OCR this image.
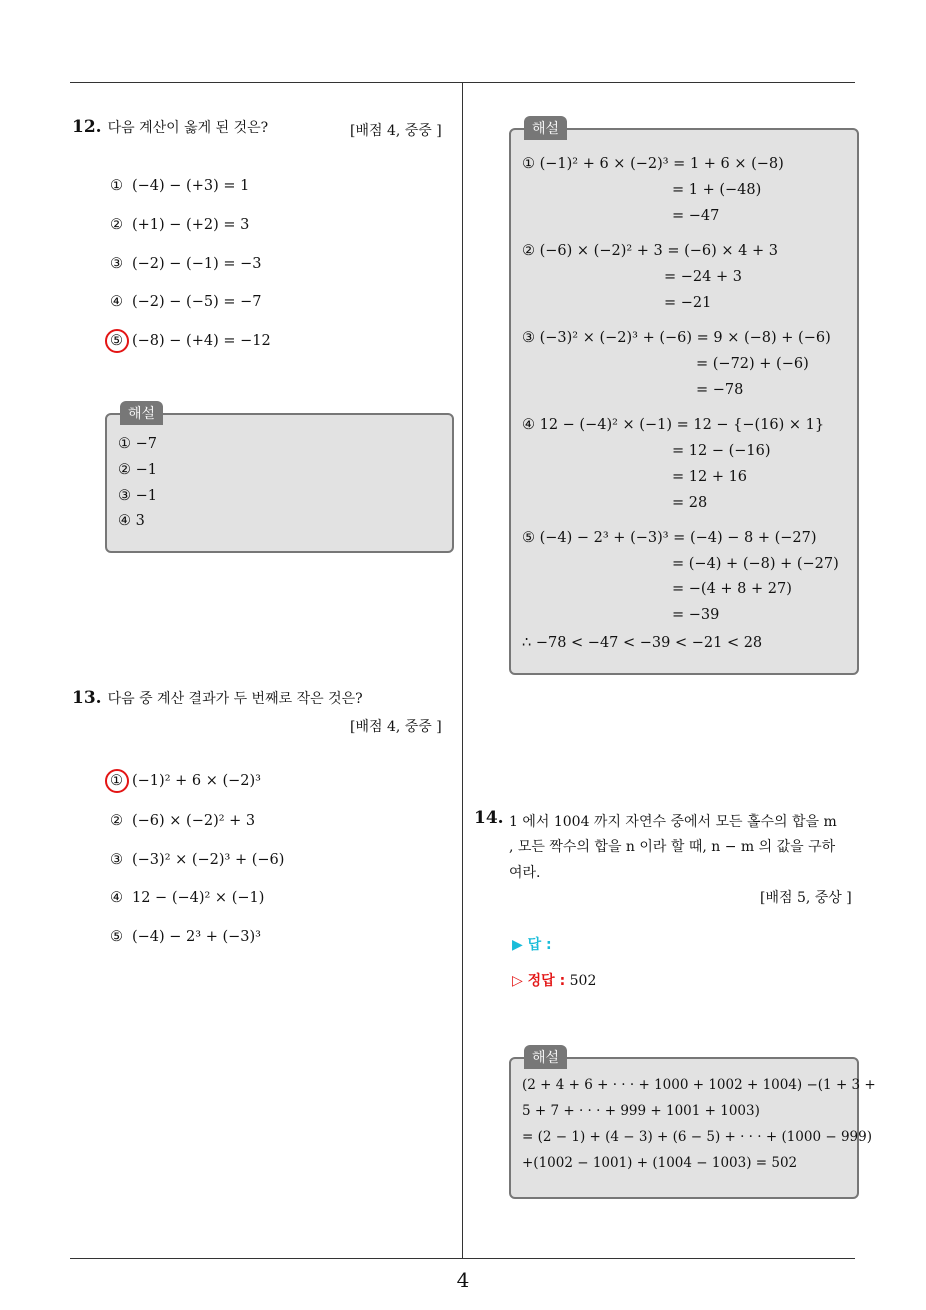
4
12. 다음 계산이 옳게 된 것은?	[배점 4, 중중 ]
① (−4) − (+3) = 1
② (+1) − (+2) = 3
③ (−2) − (−1) = −3
④ (−2) − (−5) = −7
⑤ (−8) − (+4) = −12
해설
① −7
② −1
③ −1
④ 3
13. 다음 중 계산 결과가 두 번째로 작은 것은?
[배점 4, 중중 ]
① (−1)² + 6 × (−2)³
② (−6) × (−2)² + 3
③ (−3)² × (−2)³ + (−6)
④ 12 − (−4)² × (−1)
⑤ (−4) − 2³ + (−3)³
해설
① (−1)² + 6 × (−2)³ = 1 + 6 × (−8)
= 1 + (−48)
= −47
② (−6) × (−2)² + 3 = (−6) × 4 + 3
= −24 + 3
= −21
③ (−3)² × (−2)³ + (−6) = 9 × (−8) + (−6)
= (−72) + (−6)
= −78
④ 12 − (−4)² × (−1) = 12 − {−(16) × 1}
= 12 − (−16)
= 12 + 16
= 28
⑤ (−4) − 2³ + (−3)³ = (−4) − 8 + (−27)
= (−4) + (−8) + (−27)
= −(4 + 8 + 27)
= −39
∴ −78 < −47 < −39 < −21 < 28
14. 1 에서 1004 까지 자연수 중에서 모든 홀수의 합을 m
, 모든 짝수의 합을 n 이라 할 때, n − m 의 값을 구하
여라.
[배점 5, 중상 ]
▶ 답 :
▷ 정답 : 502
해설
(2 + 4 + 6 + · · · + 1000 + 1002 + 1004) −(1 + 3 +
5 + 7 + · · · + 999 + 1001 + 1003)
= (2 − 1) + (4 − 3) + (6 − 5) + · · · + (1000 − 999)
+(1002 − 1001) + (1004 − 1003) = 502
